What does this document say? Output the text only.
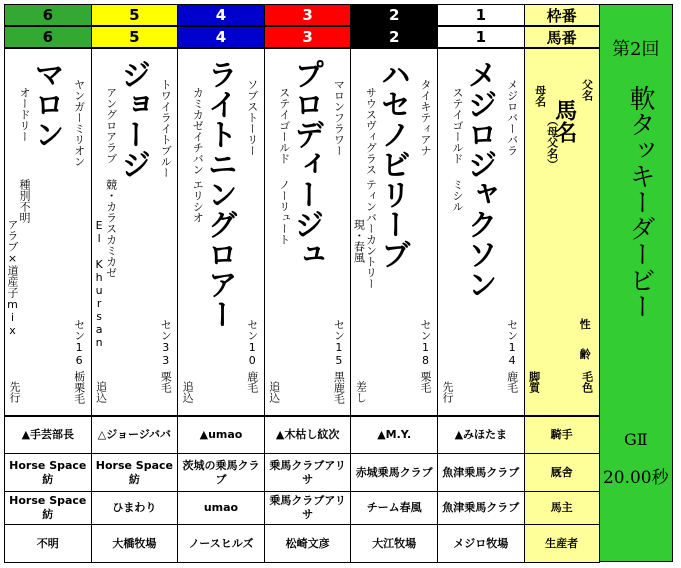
6
6
マロン ヤンガーミリオン
オードリー
種別不明
アラブ×道産子mix
セン16
栃栗毛
先行
▲手芸部長
Horse Space紡
Horse Space紡
不明
5
5
ジョージ トワイライトブルー
アングロアラブ
競・カラスカミカゼ
El Khursan	セン33
栗毛
追込
△ジョージババ
Horse Space紡
ひまわり
大橋牧場
4
4
ライトニングロアー ソブストーリー
カミカゼイチバン
エリシオ
セン10
鹿毛
追込
▲umao
茨城の乗馬クラブ
umao
ノースヒルズ
3
3
プロディージュ マロンフラワー
ステイゴールド
ノーリュート
セン15
黒鹿毛
追込
▲木枯し紋次
乗馬クラブアリサ
乗馬クラブアリサ
松崎文彦
2
2
ハセノビリーブ タイキティアナ
サウスヴィグラス
ティンバーカントリー
現・春風
セン18
栗毛
差し
▲M.Y.
赤城乗馬クラブ
チーム春風
大江牧場
1
1
メジロジャクソン メジロバーバラ
ステイゴールド
ミシル
セン14
鹿毛
先行
▲みほたま
魚津乗馬クラブ
魚津乗馬クラブ
メジロ牧場
枠番
馬番
父名
馬名
母名
（母父名）
性
齢
毛色
脚質
騎手
厩舎
馬主
生産者
第2回
軟タッキーダービー
GⅡ
20.00秒
